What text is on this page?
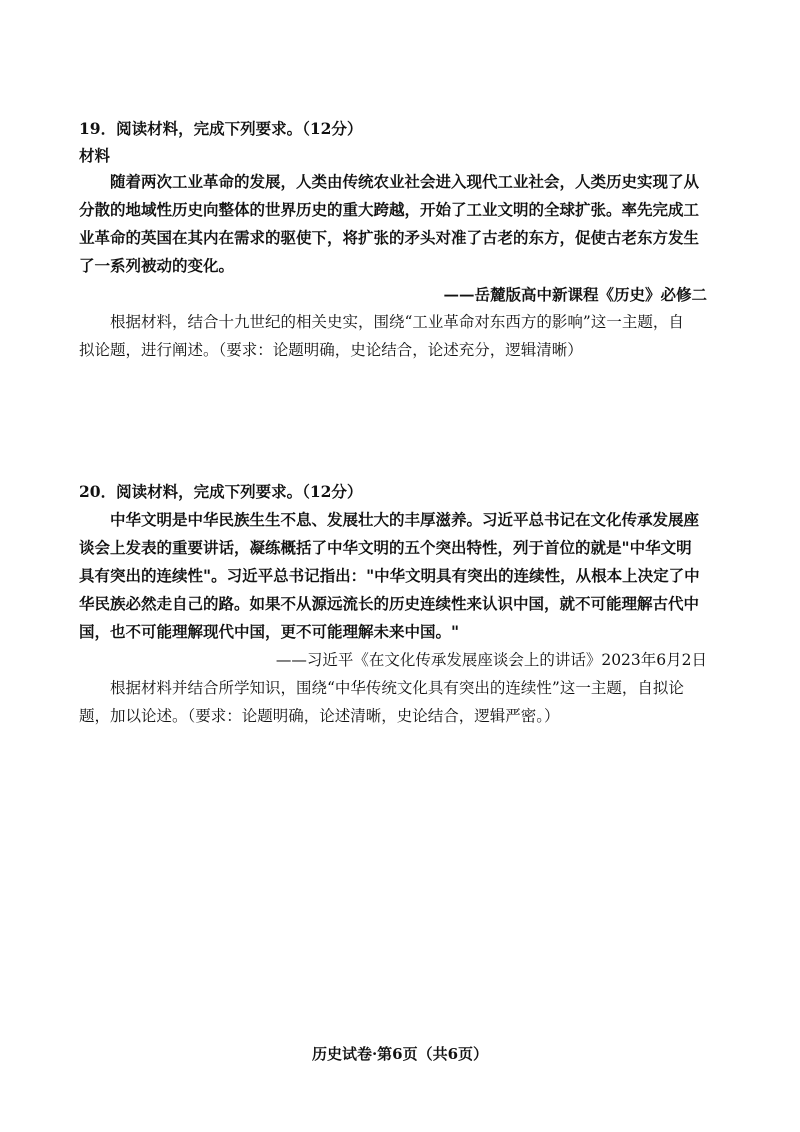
19．阅读材料，完成下列要求。（12分）
材料
随着两次工业革命的发展，人类由传统农业社会进入现代工业社会，人类历史实现了从
分散的地域性历史向整体的世界历史的重大跨越，开始了工业文明的全球扩张。率先完成工
业革命的英国在其内在需求的驱使下，将扩张的矛头对准了古老的东方，促使古老东方发生
了一系列被动的变化。
——岳麓版高中新课程《历史》必修二
根据材料，结合十九世纪的相关史实，围绕“工业革命对东西方的影响”这一主题，自
拟论题，进行阐述。（要求：论题明确，史论结合，论述充分，逻辑清晰）
20．阅读材料，完成下列要求。（12分）
中华文明是中华民族生生不息、发展壮大的丰厚滋养。习近平总书记在文化传承发展座
谈会上发表的重要讲话，凝练概括了中华文明的五个突出特性，列于首位的就是"中华文明
具有突出的连续性"。习近平总书记指出："中华文明具有突出的连续性，从根本上决定了中
华民族必然走自己的路。如果不从源远流长的历史连续性来认识中国，就不可能理解古代中
国，也不可能理解现代中国，更不可能理解未来中国。"
——习近平《在文化传承发展座谈会上的讲话》2023年6月2日
根据材料并结合所学知识，围绕“中华传统文化具有突出的连续性”这一主题，自拟论
题，加以论述。（要求：论题明确，论述清晰，史论结合，逻辑严密。）
历史试卷·第6页（共6页）
